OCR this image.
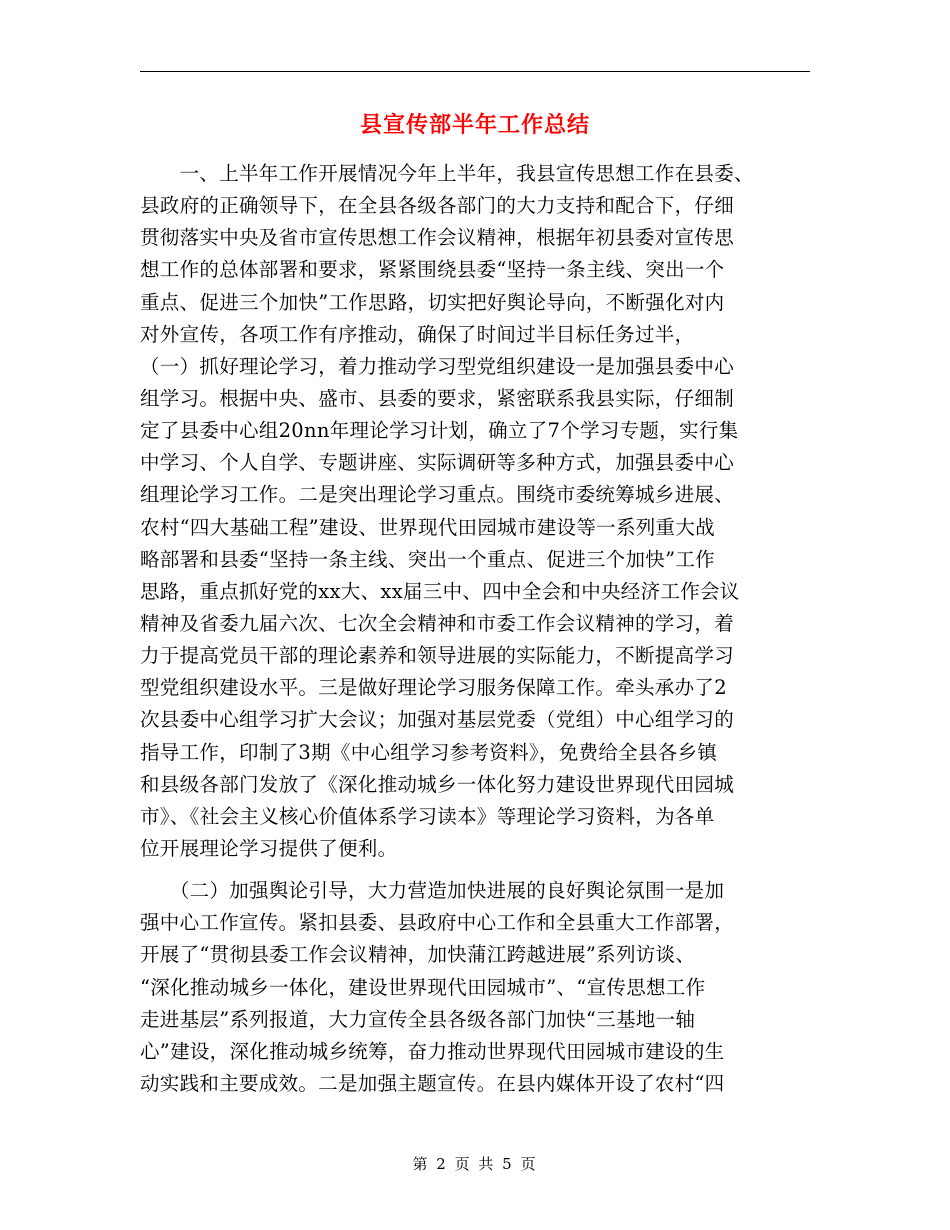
县宣传部半年工作总结
　　一、上半年工作开展情况今年上半年，我县宣传思想工作在县委、
县政府的正确领导下，在全县各级各部门的大力支持和配合下，仔细
贯彻落实中央及省市宣传思想工作会议精神，根据年初县委对宣传思
想工作的总体部署和要求，紧紧围绕县委“坚持一条主线、突出一个
重点、促进三个加快”工作思路，切实把好舆论导向，不断强化对内
对外宣传，各项工作有序推动，确保了时间过半目标任务过半，
（一）抓好理论学习，着力推动学习型党组织建设一是加强县委中心
组学习。根据中央、盛市、县委的要求，紧密联系我县实际，仔细制
定了县委中心组20nn年理论学习计划，确立了7个学习专题，实行集
中学习、个人自学、专题讲座、实际调研等多种方式，加强县委中心
组理论学习工作。二是突出理论学习重点。围绕市委统筹城乡进展、
农村“四大基础工程”建设、世界现代田园城市建设等一系列重大战
略部署和县委“坚持一条主线、突出一个重点、促进三个加快”工作
思路，重点抓好党的xx大、xx届三中、四中全会和中央经济工作会议
精神及省委九届六次、七次全会精神和市委工作会议精神的学习，着
力于提高党员干部的理论素养和领导进展的实际能力，不断提高学习
型党组织建设水平。三是做好理论学习服务保障工作。牵头承办了2
次县委中心组学习扩大会议；加强对基层党委（党组）中心组学习的
指导工作，印制了3期《中心组学习参考资料》，免费给全县各乡镇
和县级各部门发放了《深化推动城乡一体化努力建设世界现代田园城
市》、《社会主义核心价值体系学习读本》等理论学习资料，为各单
位开展理论学习提供了便利。
　　（二）加强舆论引导，大力营造加快进展的良好舆论氛围一是加
强中心工作宣传。紧扣县委、县政府中心工作和全县重大工作部署，
开展了“贯彻县委工作会议精神，加快蒲江跨越进展”系列访谈、
“深化推动城乡一体化，建设世界现代田园城市”、“宣传思想工作
走进基层”系列报道，大力宣传全县各级各部门加快“三基地一轴
心”建设，深化推动城乡统筹，奋力推动世界现代田园城市建设的生
动实践和主要成效。二是加强主题宣传。在县内媒体开设了农村“四
第 2 页 共 5 页
